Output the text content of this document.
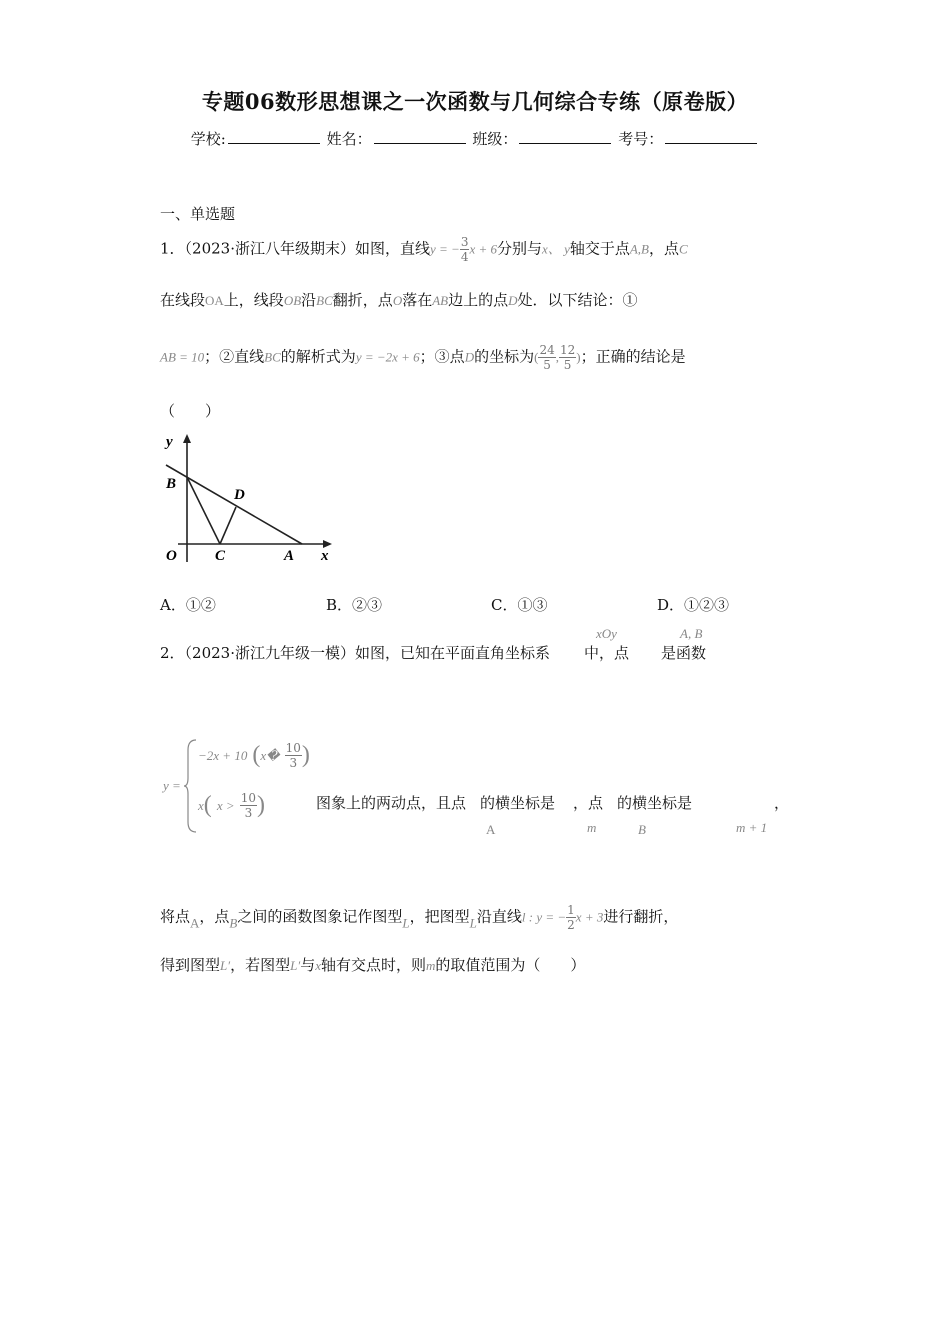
专题06数形思想课之一次函数与几何综合专练（原卷版）
学校:	姓名：	班级：	考号：
一、单选题
1．（2023·浙江八年级期末）如图，直线y = − $\frac{3}{4}$ x + 6分别与x、 y轴交于点A,B，点C
在线段OA上，线段OB沿BC翻折，点O落在AB边上的点D处．以下结论：①
AB = 10；②直线BC的解析式为y = −2x + 6；③点D的坐标为( $\frac{24}{5}$ , $\frac{12}{5}$ )；正确的结论是
（　　）
y
B
D
O	C	A x
A．①②	B．②③	C．①③	D．①②③
2．（2023·浙江九年级一模）如图，已知在平面直角坐标系 中，点 是函数
xOy	A, B
y =
−2x + 10 (x� $\frac{10}{3}$ )
x( $x > \frac{10}{3}$ )	图象上的两动点，且点 的横坐标是 ，点 的横坐标是	，
A	m	B	m + 1
将点A，点B之间的函数图象记作图型L，把图型L沿直线l : y = − $\frac{1}{2}$ x + 3进行翻折，
得到图型L′，若图型L′与x轴有交点时，则m的取值范围为（　　）
